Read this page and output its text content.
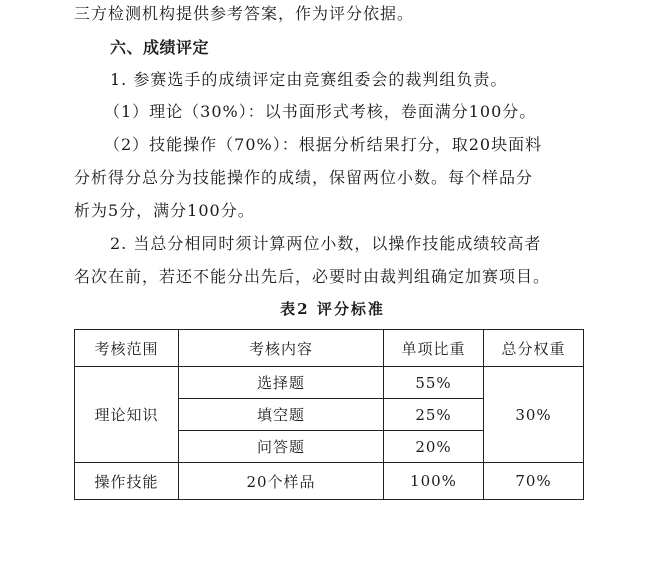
三方检测机构提供参考答案，作为评分依据。
六、成绩评定
1. 参赛选手的成绩评定由竞赛组委会的裁判组负责。
（1）理论（30%）：以书面形式考核，卷面满分100分。
（2）技能操作（70%）：根据分析结果打分，取20块面料
分析得分总分为技能操作的成绩，保留两位小数。每个样品分
析为5分，满分100分。
2. 当总分相同时须计算两位小数，以操作技能成绩较高者
名次在前，若还不能分出先后，必要时由裁判组确定加赛项目。
表2 评分标准
考核范围	考核内容	单项比重	总分权重
理论知识	选择题	55%	30%
	填空题	25%	
	问答题	20%	
操作技能	20个样品	100%	70%
